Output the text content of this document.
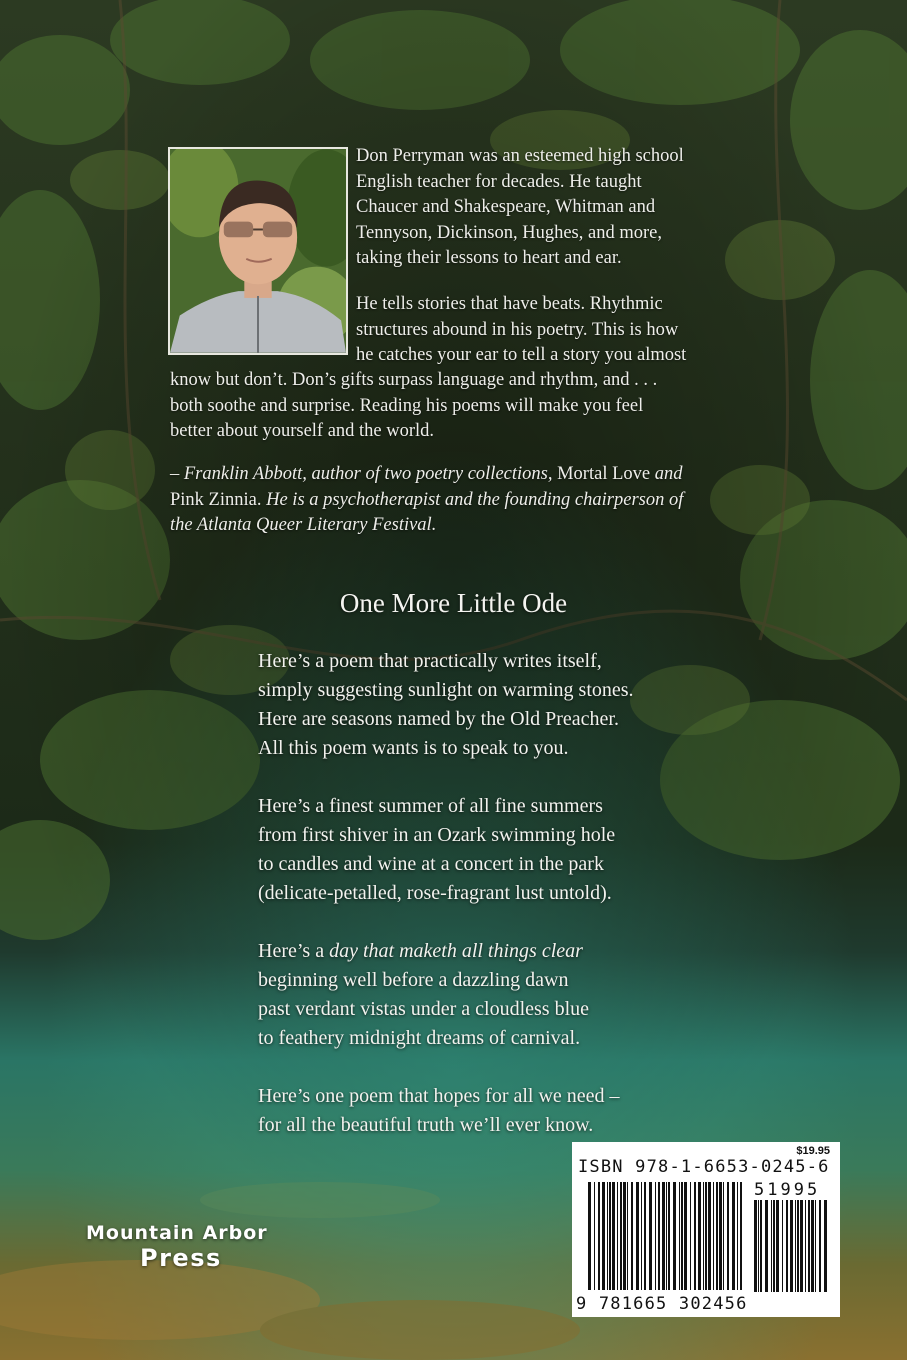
Don Perryman was an esteemed high school
English teacher for decades. He taught
Chaucer and Shakespeare, Whitman and
Tennyson, Dickinson, Hughes, and more,
taking their lessons to heart and ear.
He tells stories that have beats. Rhythmic
structures abound in his poetry. This is how
he catches your ear to tell a story you almost
know but don’t. Don’s gifts surpass language and rhythm, and . . .
both soothe and surprise. Reading his poems will make you feel
better about yourself and the world.
– Franklin Abbott, author of two poetry collections, Mortal Love and
Pink Zinnia. He is a psychotherapist and the founding chairperson of
the Atlanta Queer Literary Festival.
One More Little Ode
Here’s a poem that practically writes itself,
simply suggesting sunlight on warming stones.
Here are seasons named by the Old Preacher.
All this poem wants is to speak to you.
Here’s a finest summer of all fine summers
from first shiver in an Ozark swimming hole
to candles and wine at a concert in the park
(delicate-petalled, rose-fragrant lust untold).
Here’s a day that maketh all things clear
beginning well before a dazzling dawn
past verdant vistas under a cloudless blue
to feathery midnight dreams of carnival.
Here’s one poem that hopes for all we need –
for all the beautiful truth we’ll ever know.
Mountain Arbor
Press
$19.95
ISBN 978-1-6653-0245-6
51995
9 781665 302456
